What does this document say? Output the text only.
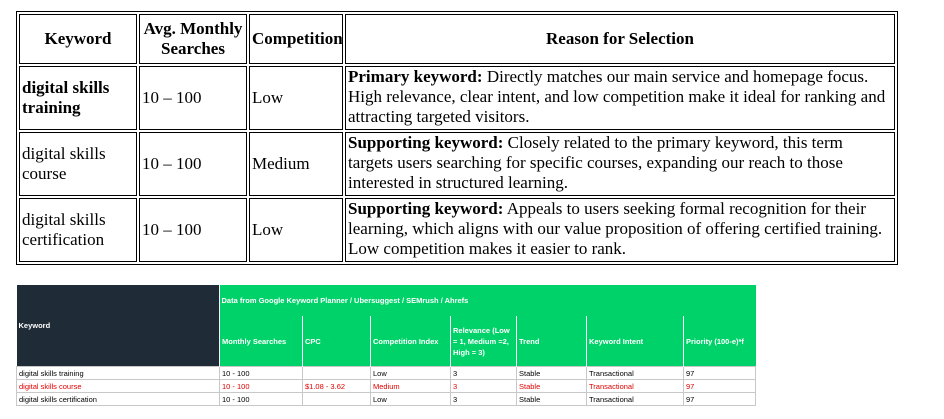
Keyword	Avg. Monthly Searches	Competition	Reason for Selection
digital skills training	10 – 100	Low	Primary keyword: Directly matches our main service and homepage focus. High relevance, clear intent, and low competition make it ideal for ranking and attracting targeted visitors.
digital skills course	10 – 100	Medium	Supporting keyword: Closely related to the primary keyword, this term targets users searching for specific courses, expanding our reach to those interested in structured learning.
digital skills certification	10 – 100	Low	Supporting keyword: Appeals to users seeking formal recognition for their learning, which aligns with our value proposition of offering certified training. Low competition makes it easier to rank.
Keyword	Data from Google Keyword Planner / Ubersuggest / SEMrush / Ahrefs						
	Monthly Searches	CPC	Competition Index	Relevance (Low = 1, Medium =2, High = 3)	Trend	Keyword Intent	Priority (100-e)*f
digital skills training	10 - 100		Low	3	Stable	Transactional	97
digital skills course	10 - 100	$1.08 - 3.62	Medium	3	Stable	Transactional	97
digital skills certification	10 - 100		Low	3	Stable	Transactional	97
